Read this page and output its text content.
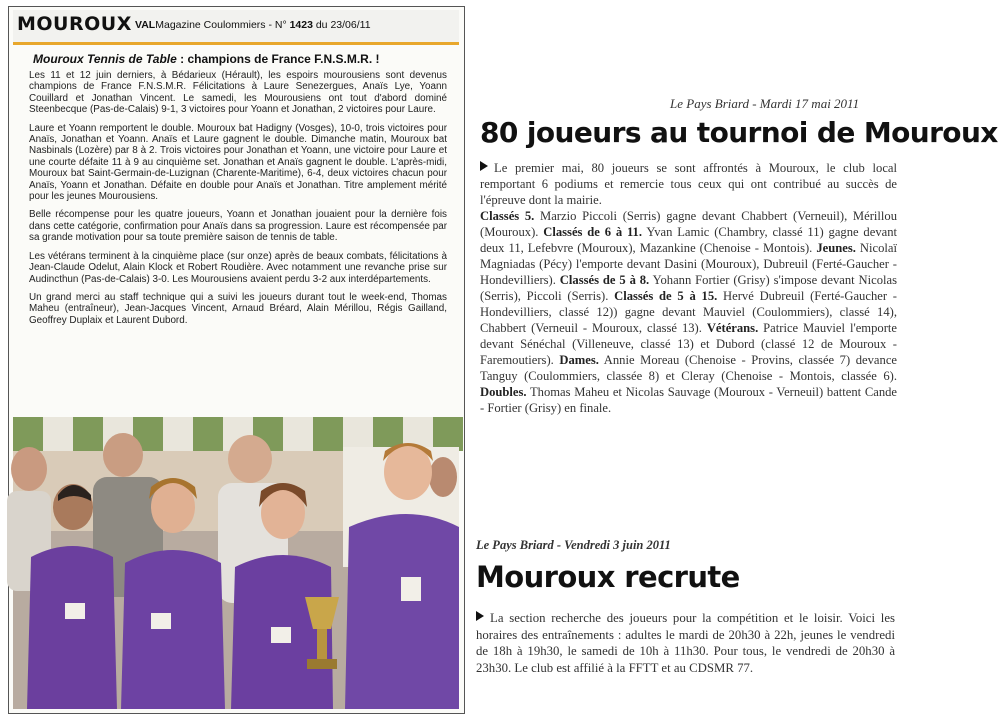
MOUROUX VALMagazine Coulommiers - N° 1423 du 23/06/11
Mouroux Tennis de Table : champions de France F.N.S.M.R. !

Les 11 et 12 juin derniers, à Bédarieux (Hérault), les espoirs mourousiens sont devenus champions de France F.N.S.M.R. Félicitations à Laure Senezergues, Anaïs Lye, Yoann Couillard et Jonathan Vincent. Le samedi, les Mourousiens ont tout d'abord dominé Steenbecque (Pas-de-Calais) 9-1, 3 victoires pour Yoann et Jonathan, 2 victoires pour Laure.

Laure et Yoann remportent le double. Mouroux bat Hadigny (Vosges), 10-0, trois victoires pour Anaïs, Jonathan et Yoann. Anaïs et Laure gagnent le double. Dimanche matin, Mouroux bat Nasbinals (Lozère) par 8 à 2. Trois victoires pour Jonathan et Yoann, une victoire pour Laure et une courte défaite 11 à 9 au cinquième set. Jonathan et Anaïs gagnent le double. L'après-midi, Mouroux bat Saint-Germain-de-Luzignan (Charente-Maritime), 6-4, deux victoires chacun pour Anaïs, Yoann et Jonathan. Défaite en double pour Anaïs et Jonathan. Titre amplement mérité pour les jeunes Mourousiens.

Belle récompense pour les quatre joueurs, Yoann et Jonathan jouaient pour la dernière fois dans cette catégorie, confirmation pour Anaïs dans sa progression. Laure est récompensée par sa grande motivation pour sa toute première saison de tennis de table.

Les vétérans terminent à la cinquième place (sur onze) après de beaux combats, félicitations à Jean-Claude Odelut, Alain Klock et Robert Roudière. Avec notamment une revanche prise sur Audincthun (Pas-de-Calais) 3-0. Les Mourousiens avaient perdu 3-2 aux interdépartements.

Un grand merci au staff technique qui a suivi les joueurs durant tout le week-end, Thomas Maheu (entraîneur), Jean-Jacques Vincent, Arnaud Bréard, Alain Mérillou, Régis Gailland, Geoffrey Duplaix et Laurent Dubord.

Le Pays Briard - Mardi 17 mai 2011
80 joueurs au tournoi de Mouroux
Le premier mai, 80 joueurs se sont affrontés à Mouroux, le club local remportant 6 podiums et remercie tous ceux qui ont contribué au succès de l'épreuve dont la mairie.
Classés 5. Marzio Piccoli (Serris) gagne devant Chabbert (Verneuil), Mérillou (Mouroux). Classés de 6 à 11. Yvan Lamic (Chambry, classé 11) gagne devant deux 11, Lefebvre (Mouroux), Mazankine (Chenoise - Montois). Jeunes. Nicolaï Magniadas (Pécy) l'emporte devant Dasini (Mouroux), Dubreuil (Ferté-Gaucher - Hondevilliers). Classés de 5 à 8. Yohann Fortier (Grisy) s'impose devant Nicolas (Serris), Piccoli (Serris). Classés de 5 à 15. Hervé Dubreuil (Ferté-Gaucher - Hondevilliers, classé 12)) gagne devant Mauviel (Coulommiers), classé 14), Chabbert (Verneuil - Mouroux, classé 13). Vétérans. Patrice Mauviel l'emporte devant Sénéchal (Villeneuve, classé 13) et Dubord (classé 12 de Mouroux - Faremoutiers). Dames. Annie Moreau (Chenoise - Provins, classée 7) devance Tanguy (Coulommiers, classée 8) et Cleray (Chenoise - Montois, classée 6). Doubles. Thomas Maheu et Nicolas Sauvage (Mouroux - Verneuil) battent Cande - Fortier (Grisy) en finale.
Le Pays Briard - Vendredi 3 juin 2011
Mouroux recrute
La section recherche des joueurs pour la compétition et le loisir. Voici les horaires des entraînements : adultes le mardi de 20h30 à 22h, jeunes le vendredi de 18h à 19h30, le samedi de 10h à 11h30. Pour tous, le vendredi de 20h30 à 23h30. Le club est affilié à la FFTT et au CDSMR 77.
